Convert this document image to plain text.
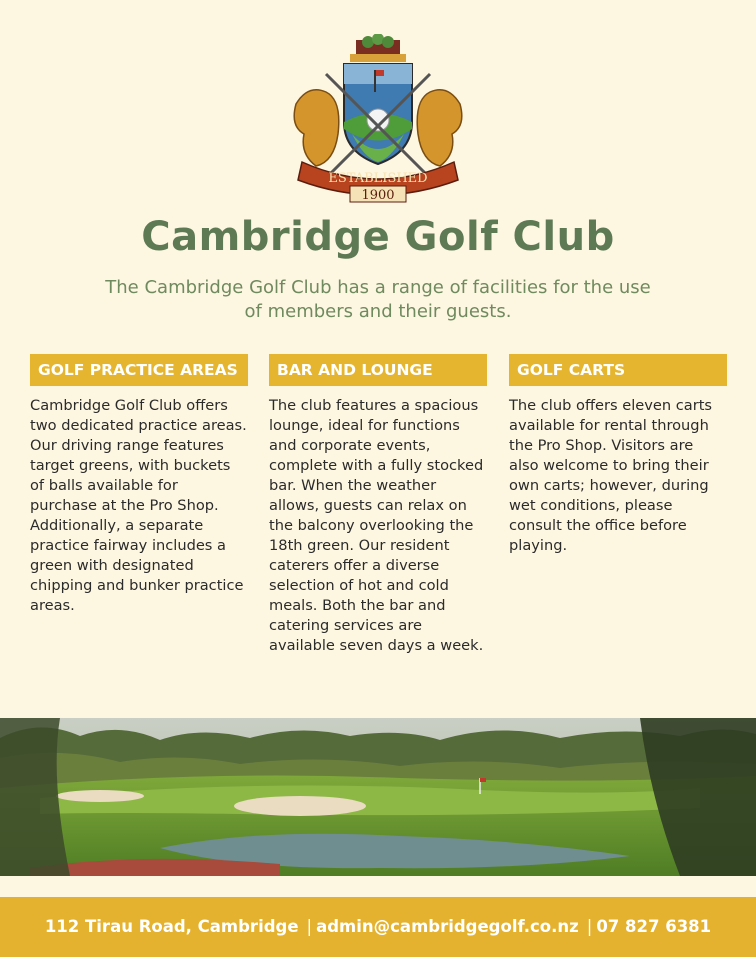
ESTABLISHED
1900
Cambridge Golf Club
The Cambridge Golf Club has a range of facilities for the use of members and their guests.
GOLF PRACTICE AREAS
Cambridge Golf Club offers two dedicated practice areas. Our driving range features target greens, with buckets of balls available for purchase at the Pro Shop. Additionally, a separate practice fairway includes a green with designated chipping and bunker practice areas.
BAR AND LOUNGE
The club features a spacious lounge, ideal for functions and corporate events, complete with a fully stocked bar. When the weather allows, guests can relax on the balcony overlooking the 18th green. Our resident caterers offer a diverse selection of hot and cold meals. Both the bar and catering services are available seven days a week.
GOLF CARTS
The club offers eleven carts available for rental through the Pro Shop. Visitors are also welcome to bring their own carts; however, during wet conditions, please consult the office before playing.
112 Tirau Road, Cambridge | admin@cambridgegolf.co.nz | 07 827 6381
